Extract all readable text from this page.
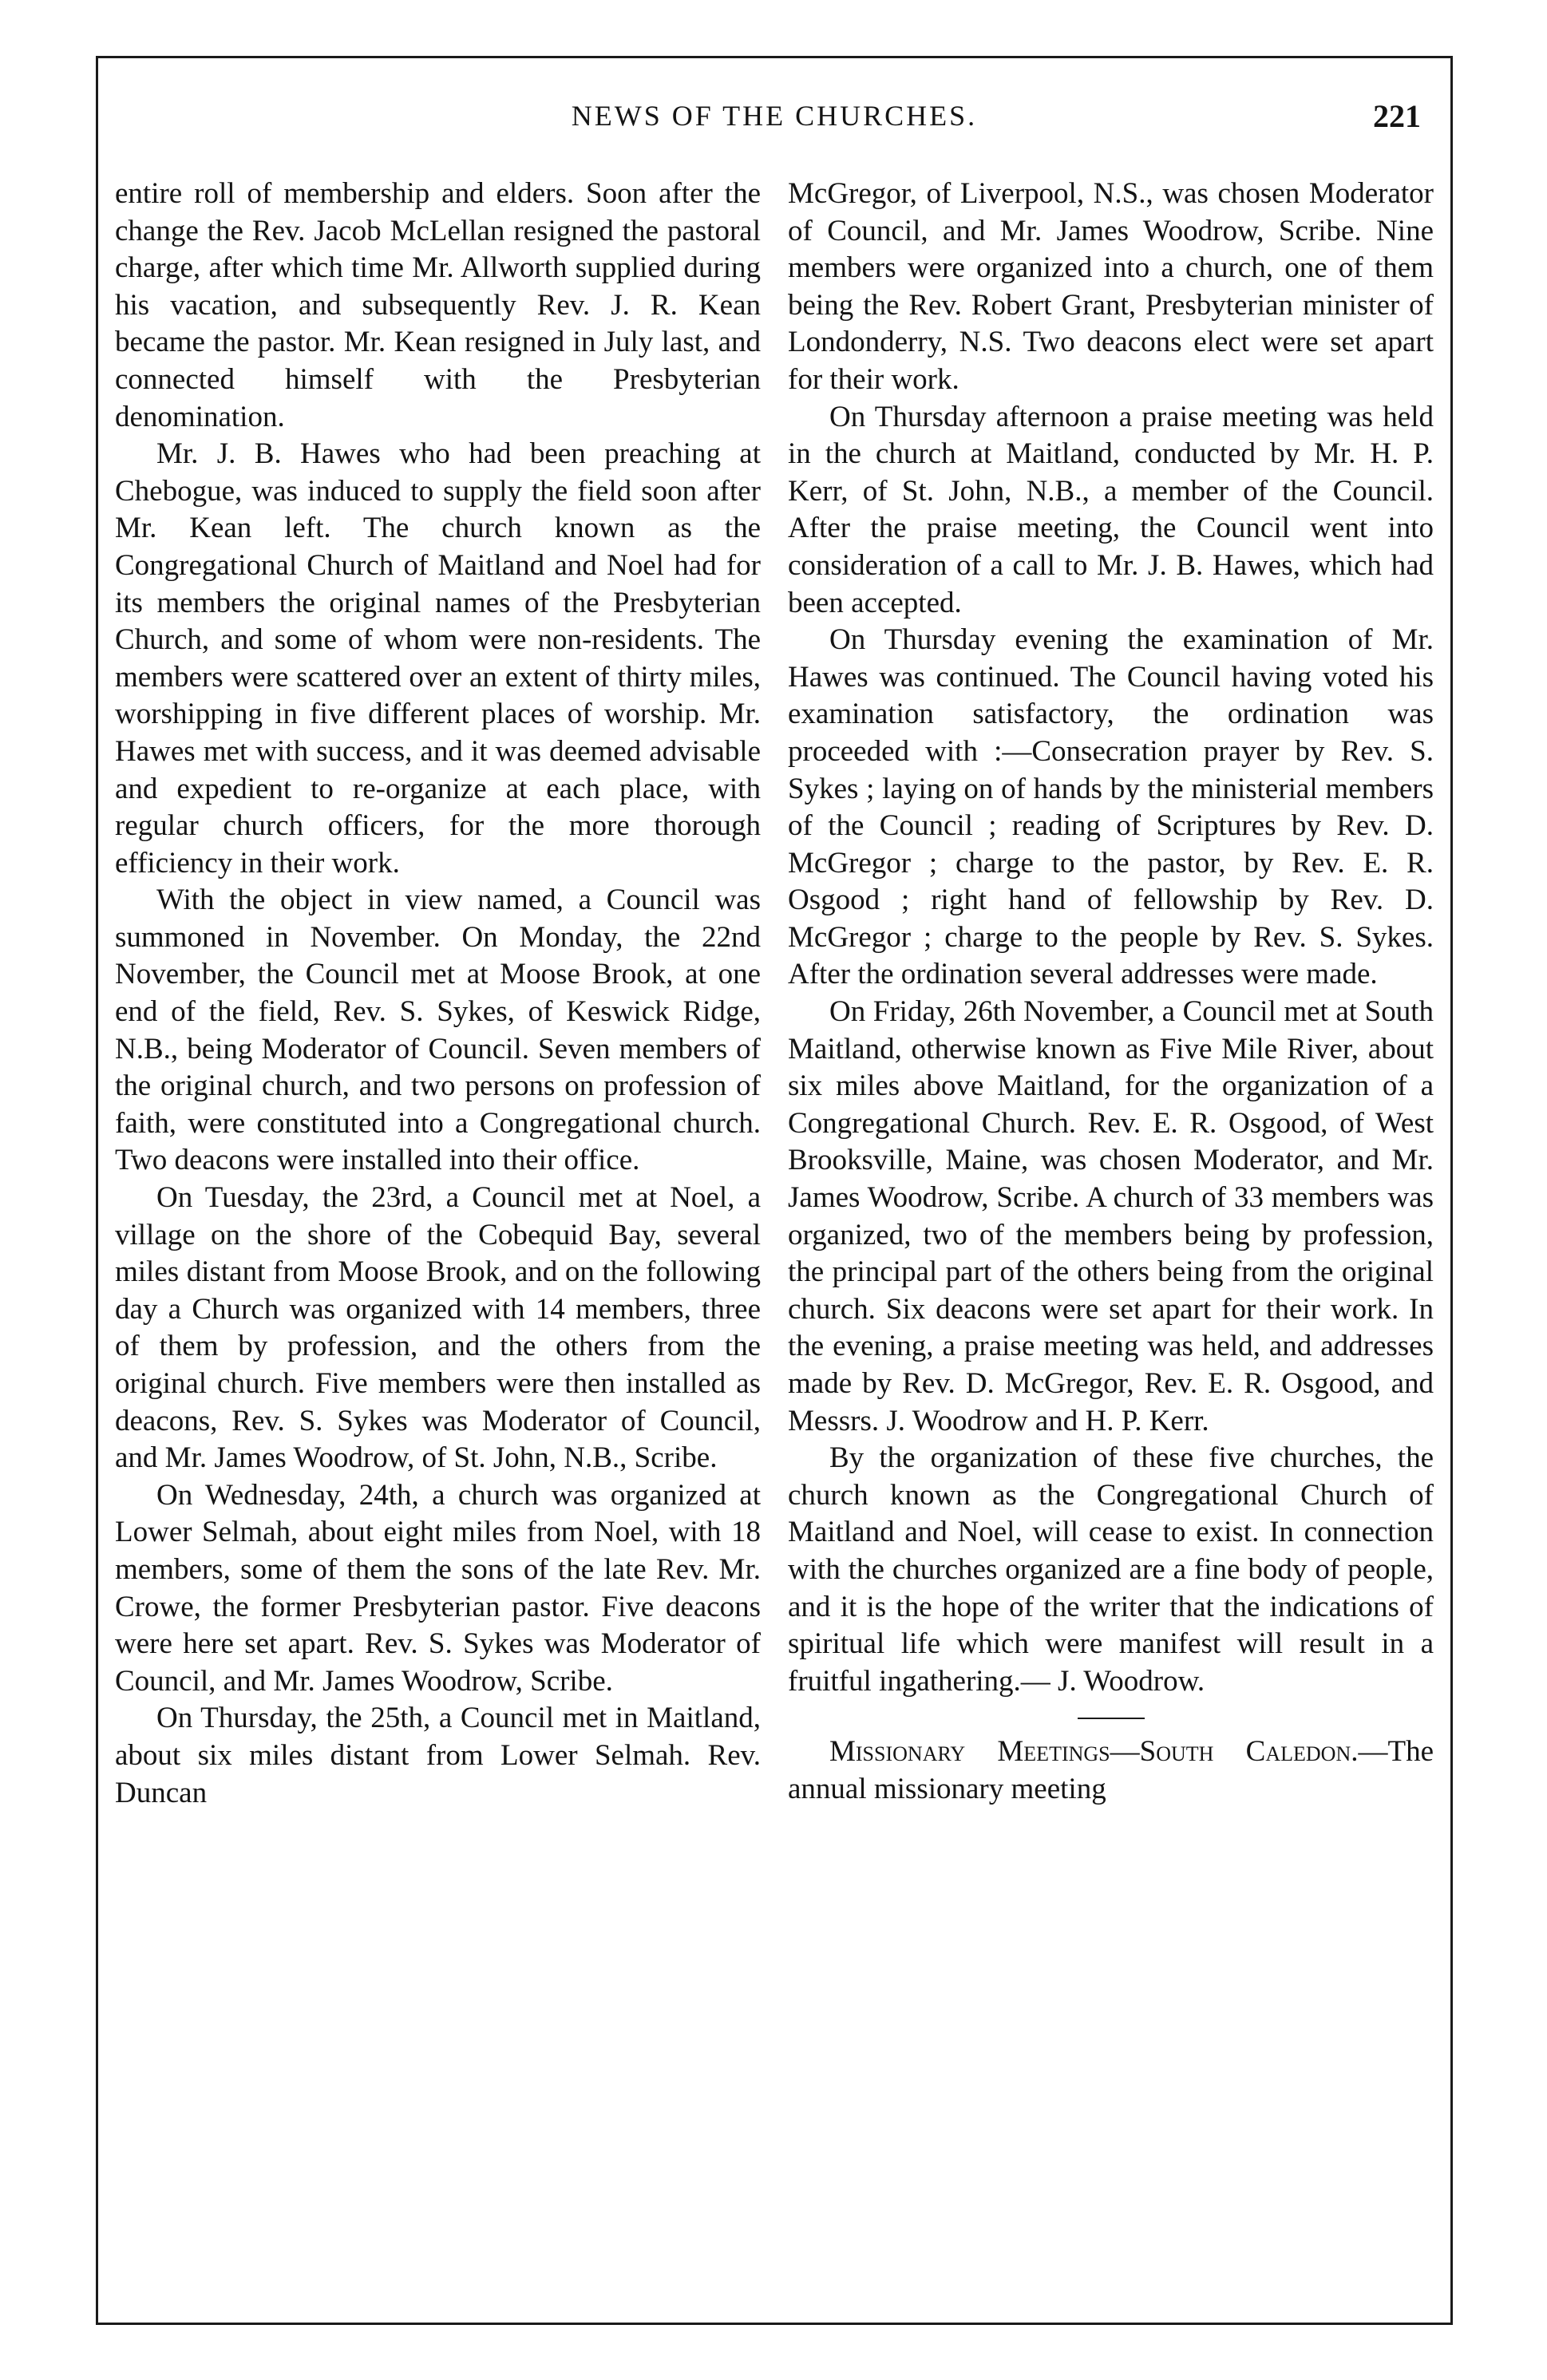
NEWS OF THE CHURCHES.	221

entire roll of membership and elders. Soon after the change the Rev. Jacob McLellan resigned the pastoral charge, after which time Mr. Allworth supplied during his vacation, and subsequently Rev. J. R. Kean became the pastor. Mr. Kean resigned in July last, and connected himself with the Presbyterian denomination.

Mr. J. B. Hawes who had been preaching at Chebogue, was induced to supply the field soon after Mr. Kean left. The church known as the Congregational Church of Maitland and Noel had for its members the original names of the Presbyterian Church, and some of whom were non-residents. The members were scattered over an extent of thirty miles, worshipping in five different places of worship. Mr. Hawes met with success, and it was deemed advisable and expedient to re-organize at each place, with regular church officers, for the more thorough efficiency in their work.

With the object in view named, a Council was summoned in November. On Monday, the 22nd November, the Council met at Moose Brook, at one end of the field, Rev. S. Sykes, of Keswick Ridge, N.B., being Moderator of Council. Seven members of the original church, and two persons on profession of faith, were constituted into a Congregational church. Two deacons were installed into their office.

On Tuesday, the 23rd, a Council met at Noel, a village on the shore of the Cobequid Bay, several miles distant from Moose Brook, and on the following day a Church was organized with 14 members, three of them by profession, and the others from the original church. Five members were then installed as deacons, Rev. S. Sykes was Moderator of Council, and Mr. James Woodrow, of St. John, N.B., Scribe.

On Wednesday, 24th, a church was organized at Lower Selmah, about eight miles from Noel, with 18 members, some of them the sons of the late Rev. Mr. Crowe, the former Presbyterian pastor. Five deacons were here set apart. Rev. S. Sykes was Moderator of Council, and Mr. James Woodrow, Scribe.

On Thursday, the 25th, a Council met in Maitland, about six miles distant from Lower Selmah. Rev. Duncan

McGregor, of Liverpool, N.S., was chosen Moderator of Council, and Mr. James Woodrow, Scribe. Nine members were organized into a church, one of them being the Rev. Robert Grant, Presbyterian minister of Londonderry, N.S. Two deacons elect were set apart for their work.

On Thursday afternoon a praise meeting was held in the church at Maitland, conducted by Mr. H. P. Kerr, of St. John, N.B., a member of the Council. After the praise meeting, the Council went into consideration of a call to Mr. J. B. Hawes, which had been accepted.

On Thursday evening the examination of Mr. Hawes was continued. The Council having voted his examination satisfactory, the ordination was proceeded with :—Consecration prayer by Rev. S. Sykes ; laying on of hands by the ministerial members of the Council ; reading of Scriptures by Rev. D. McGregor ; charge to the pastor, by Rev. E. R. Osgood ; right hand of fellowship by Rev. D. McGregor ; charge to the people by Rev. S. Sykes. After the ordination several addresses were made.

On Friday, 26th November, a Council met at South Maitland, otherwise known as Five Mile River, about six miles above Maitland, for the organization of a Congregational Church. Rev. E. R. Osgood, of West Brooksville, Maine, was chosen Moderator, and Mr. James Woodrow, Scribe. A church of 33 members was organized, two of the members being by profession, the principal part of the others being from the original church. Six deacons were set apart for their work. In the evening, a praise meeting was held, and addresses made by Rev. D. McGregor, Rev. E. R. Osgood, and Messrs. J. Woodrow and H. P. Kerr.

By the organization of these five churches, the church known as the Congregational Church of Maitland and Noel, will cease to exist. In connection with the churches organized are a fine body of people, and it is the hope of the writer that the indications of spiritual life which were manifest will result in a fruitful ingathering.— J. Woodrow.

Missionary Meetings—South Caledon.—The annual missionary meeting
